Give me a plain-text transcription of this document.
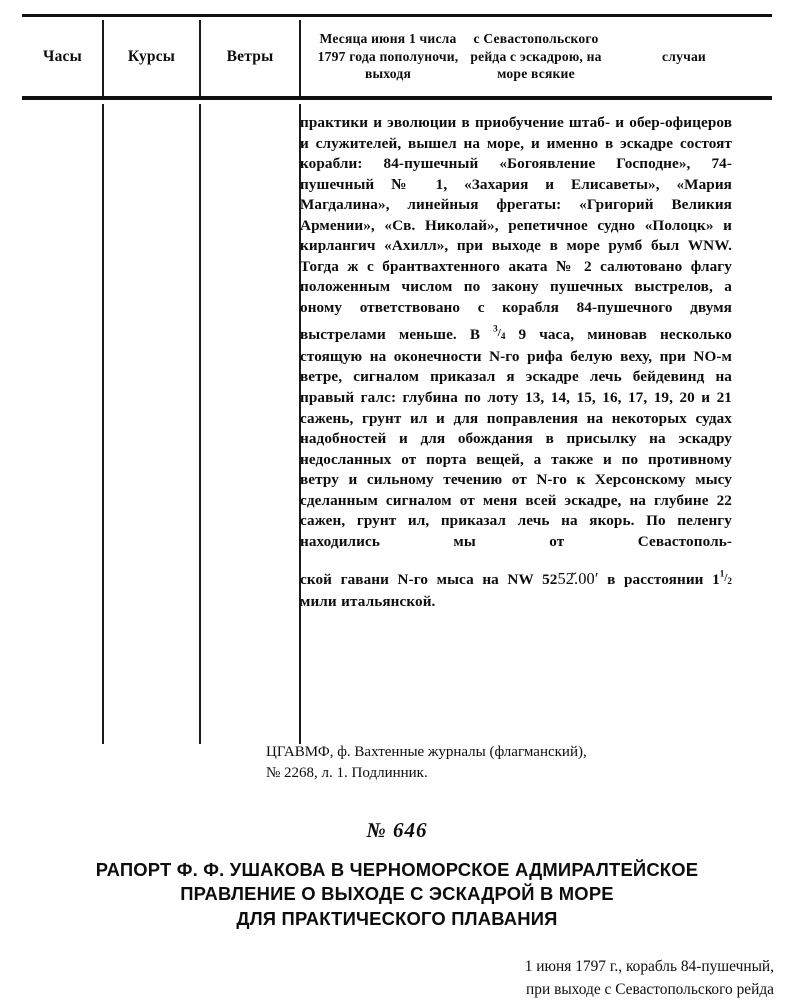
Часы	Курсы	Ветры
Месяца июня 1 числа 1797 года пополуночи, выходя
с Севастопольского рейда с эскадрою, на море всякие
случаи

практики и эволюции в приобучение штаб- и обер-офицеров и служителей, вышел на море, и именно в эскадре состоят корабли: 84-пушечный «Богоявление Господне», 74-пушечный № 1, «Захария и Елисаветы», «Мария Магдалина», линейныя фрегаты: «Григорий Великия Армении», «Св. Николай», репетичное судно «Полоцк» и кирлангич «Ахилл», при выходе в море румб был WNW. Тогда ж с брантвахтенного аката № 2 салютовано флагу положенным числом по закону пушечных выстрелов, а оному ответствовано с корабля 84-пушечного двумя выстрелами меньше. В $^{^3/_4}$ 9 часа, миновав несколько стоящую на оконечности N-го рифа белую веху, при NO-м ветре, сигналом приказал я эскадре лечь бейдевинд на правый галс: глубина по лоту 13, 14, 15, 16, 17, 19, 20 и 21 сажень, грунт ил и для поправления на некоторых судах надобностей и для обождания в присылку на эскадру недосланных от порта вещей, а также и по противному ветру и сильному течению от N-го к Херсонскому мысу сделанным сигналом от меня всей эскадре, на глубине 22 сажен, грунт ил, приказал лечь на якорь. По пеленгу находились мы от Севастополь-

ской гавани N-го мыса на NW 5252̆.00′ в расстоянии $1^{^1/_2}$ мили итальянской.

ЦГАВМФ, ф. Вахтенные журналы (флагманский),
№ 2268, л. 1. Подлинник.
№ 646
РАПОРТ Ф. Ф. УШАКОВА В ЧЕРНОМОРСКОЕ АДМИРАЛТЕЙСКОЕ
ПРАВЛЕНИЕ О ВЫХОДЕ С ЭСКАДРОЙ В МОРЕ
ДЛЯ ПРАКТИЧЕСКОГО ПЛАВАНИЯ
1 июня 1797 г., корабль 84-пушечный,
при выходе с Севастопольского рейда
